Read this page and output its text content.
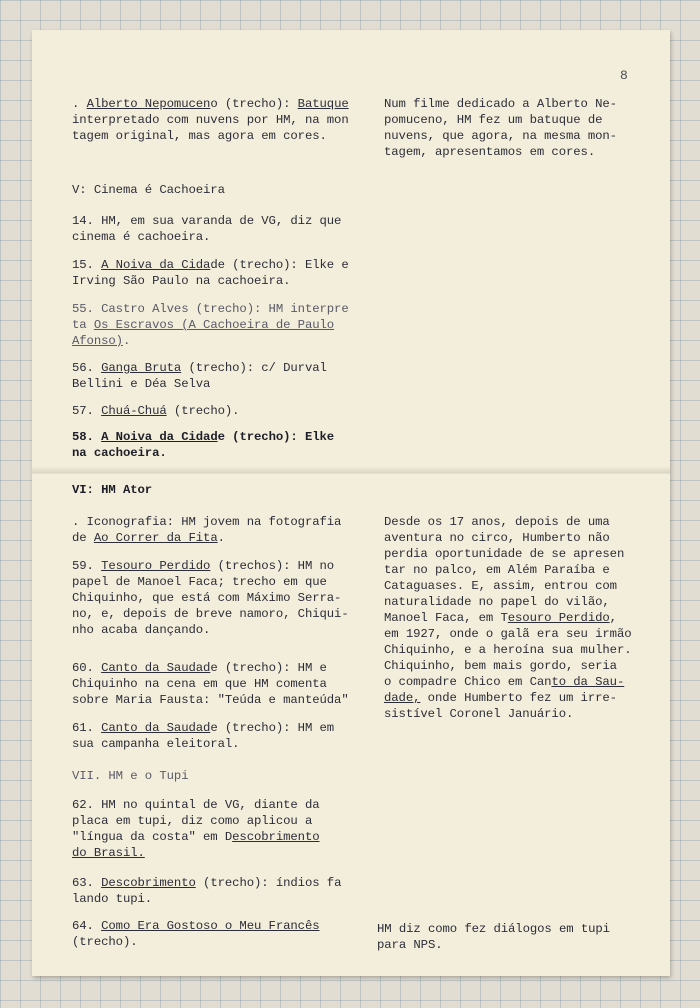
8
. Alberto Nepomuceno (trecho): Batuque
interpretado com nuvens por HM, na mon
tagem original, mas agora em cores.
Num filme dedicado a Alberto Ne-
pomuceno, HM fez um batuque de
nuvens, que agora, na mesma mon-
tagem, apresentamos em cores.
V: Cinema é Cachoeira
14. HM, em sua varanda de VG, diz que
cinema é cachoeira.
15. A Noiva da Cidade (trecho): Elke e
Irving São Paulo na cachoeira.
55. Castro Alves (trecho): HM interpre
ta Os Escravos (A Cachoeira de Paulo
Afonso).
56. Ganga Bruta (trecho): c/ Durval
Bellini e Déa Selva
57. Chuá-Chuá (trecho).
58. A Noiva da Cidade (trecho): Elke
na cachoeira.
VI: HM Ator
. Iconografia: HM jovem na fotografia
de Ao Correr da Fita.
59. Tesouro Perdido (trechos): HM no
papel de Manoel Faca; trecho em que
Chiquinho, que está com Máximo Serra-
no, e, depois de breve namoro, Chiqui-
nho acaba dançando.
60. Canto da Saudade (trecho): HM e
Chiquinho na cena em que HM comenta
sobre Maria Fausta: "Teúda e manteúda"
61. Canto da Saudade (trecho): HM em
sua campanha eleitoral.
Desde os 17 anos, depois de uma
aventura no circo, Humberto não
perdia oportunidade de se apresen
tar no palco, em Além Paraíba e
Cataguases. E, assim, entrou com
naturalidade no papel do vilão,
Manoel Faca, em Tesouro Perdido,
em 1927, onde o galã era seu irmão
Chiquinho, e a heroína sua mulher.
Chiquinho, bem mais gordo, seria
o compadre Chico em Canto da Sau-
dade, onde Humberto fez um irre-
sistível Coronel Januário.
VII. HM e o Tupi
62. HM no quintal de VG, diante da
placa em tupi, diz como aplicou a
"língua da costa" em Descobrimento
do Brasil.
63. Descobrimento (trecho): índios fa
lando tupi.
64. Como Era Gostoso o Meu Francês
(trecho).
HM diz como fez diálogos em tupi
para NPS.
